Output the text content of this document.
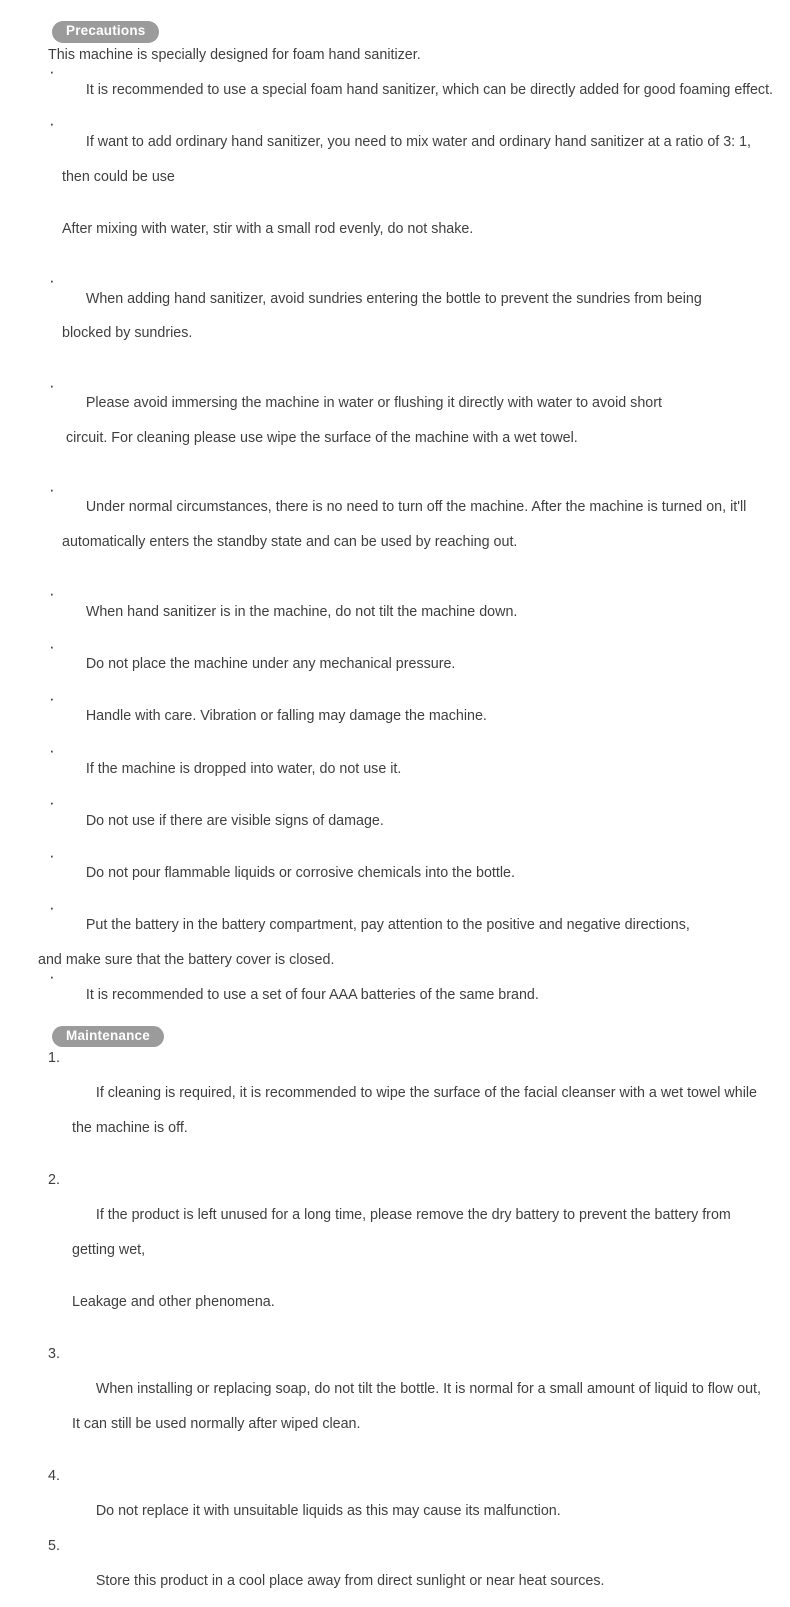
Precautions

This machine is specially designed for foam hand sanitizer.

· It is recommended to use a special foam hand sanitizer, which can be directly added for good foaming effect.

· If want to add ordinary hand sanitizer, you need to mix water and ordinary hand sanitizer at a ratio of 3: 1,

then could be use

After mixing with water, stir with a small rod evenly, do not shake.

· When adding hand sanitizer, avoid sundries entering the bottle to prevent the sundries from being

blocked by sundries.

· Please avoid immersing the machine in water or flushing it directly with water to avoid short

circuit. For cleaning please use wipe the surface of the machine with a wet towel.

· Under normal circumstances, there is no need to turn off the machine. After the machine is turned on, it'll

automatically enters the standby state and can be used by reaching out.

· When hand sanitizer is in the machine, do not tilt the machine down.

· Do not place the machine under any mechanical pressure.

· Handle with care. Vibration or falling may damage the machine.

· If the machine is dropped into water, do not use it.

· Do not use if there are visible signs of damage.

· Do not pour flammable liquids or corrosive chemicals into the bottle.

· Put the battery in the battery compartment, pay attention to the positive and negative directions,

and make sure that the battery cover is closed.

· It is recommended to use a set of four AAA batteries of the same brand.

Maintenance

1.

If cleaning is required, it is recommended to wipe the surface of the facial cleanser with a wet towel while

the machine is off.

2.

If the product is left unused for a long time, please remove the dry battery to prevent the battery from

getting wet,

Leakage and other phenomena.

3.

When installing or replacing soap, do not tilt the bottle. It is normal for a small amount of liquid to flow out,

It can still be used normally after wiped clean.

4.

Do not replace it with unsuitable liquids as this may cause its malfunction.

5.

Store this product in a cool place away from direct sunlight or near heat sources.
